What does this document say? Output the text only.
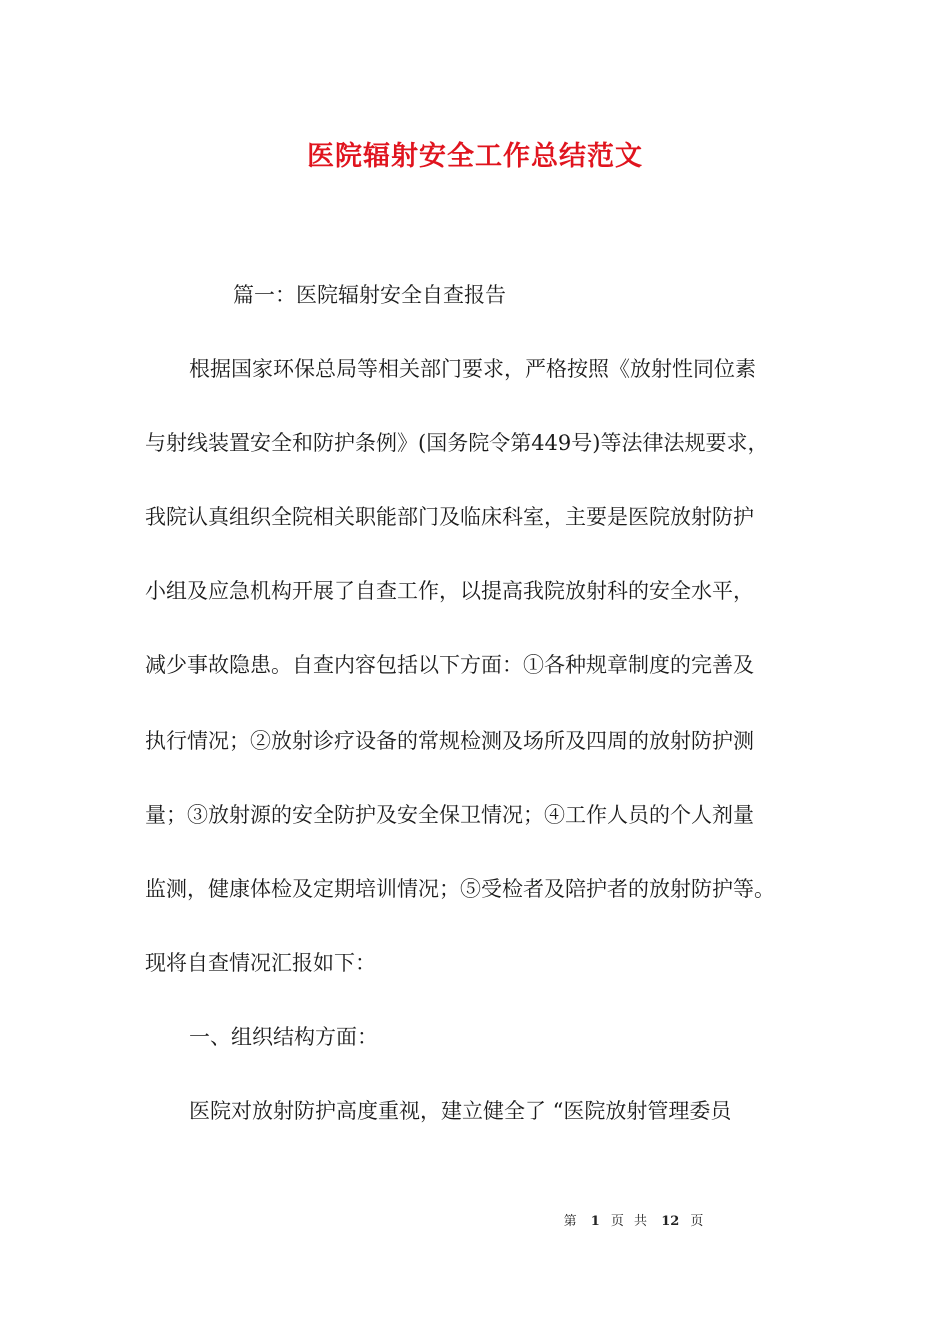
医院辐射安全工作总结范文

篇一：医院辐射安全自查报告

根据国家环保总局等相关部门要求，严格按照《放射性同位素

与射线装置安全和防护条例》(国务院令第449号)等法律法规要求，

我院认真组织全院相关职能部门及临床科室，主要是医院放射防护

小组及应急机构开展了自查工作，以提高我院放射科的安全水平，

减少事故隐患。自查内容包括以下方面：①各种规章制度的完善及

执行情况；②放射诊疗设备的常规检测及场所及四周的放射防护测

量；③放射源的安全防护及安全保卫情况；④工作人员的个人剂量

监测，健康体检及定期培训情况；⑤受检者及陪护者的放射防护等。

现将自查情况汇报如下：

一、组织结构方面：

医院对放射防护高度重视，建立健全了 “医院放射管理委员

第 1 页 共 12 页
